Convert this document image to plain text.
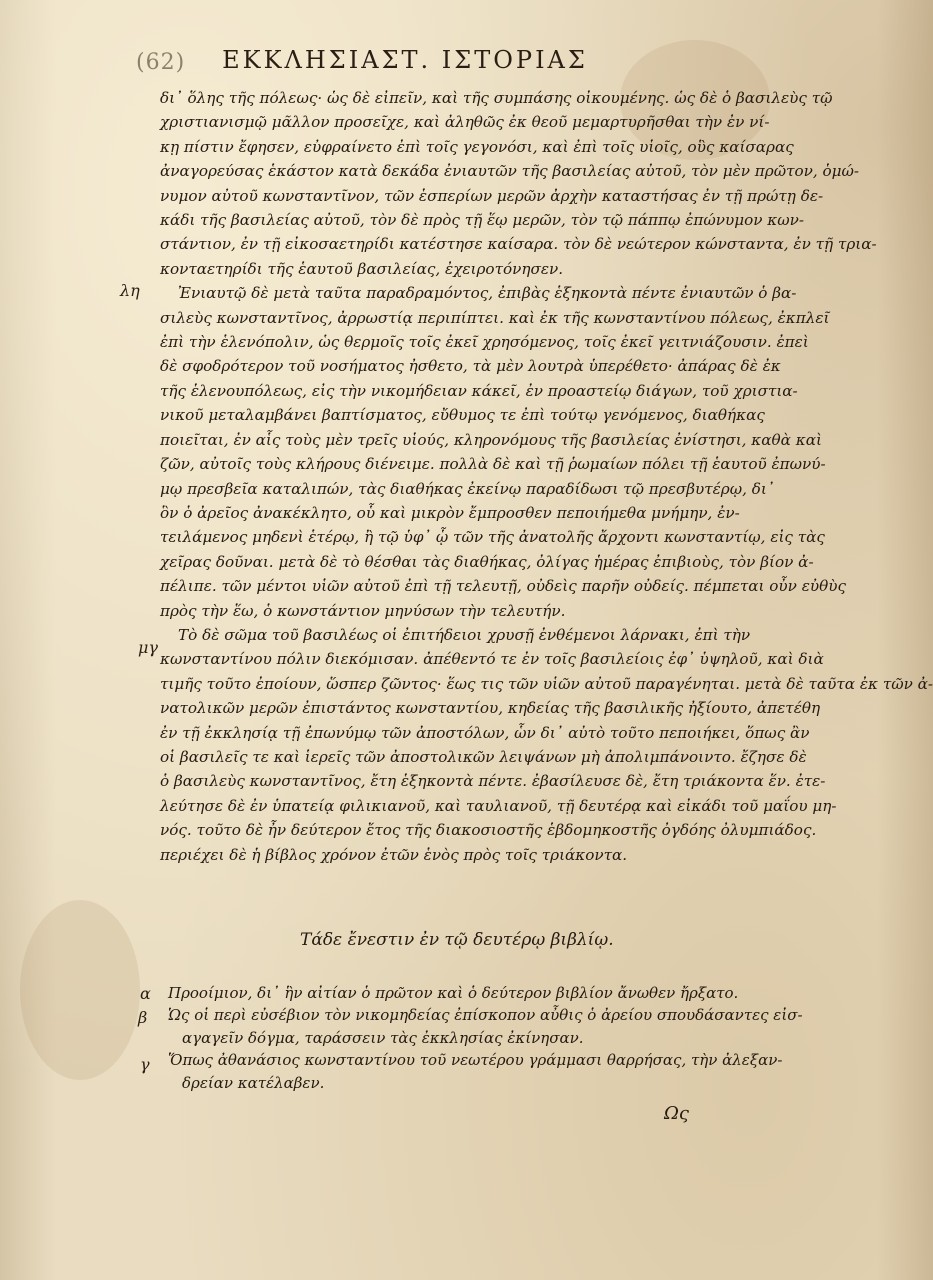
(62)	ΕΚΚΛΗΣΙΑΣΤ. ΙΣΤΟΡΙΑΣ
λη
μγ
δι᾽ ὅλης τῆς πόλεως· ὡς δὲ εἰπεῖν, καὶ τῆς συμπάσης οἰκουμένης. ὡς δὲ ὁ βασιλεὺς τῷ
χριστιανισμῷ μᾶλλον προσεῖχε, καὶ ἀληθῶς ἐκ θεοῦ μεμαρτυρῆσθαι τὴν ἐν νί-
κῃ πίστιν ἔφησεν, εὐφραίνετο ἐπὶ τοῖς γεγονόσι, καὶ ἐπὶ τοῖς υἱοῖς, οὓς καίσαρας
ἀναγορεύσας ἑκάστον κατὰ δεκάδα ἐνιαυτῶν τῆς βασιλείας αὐτοῦ, τὸν μὲν πρῶτον, ὁμώ-
νυμον αὐτοῦ κωνσταντῖνον, τῶν ἑσπερίων μερῶν ἀρχὴν καταστήσας ἐν τῇ πρώτῃ δε-
κάδι τῆς βασιλείας αὐτοῦ, τὸν δὲ πρὸς τῇ ἕῳ μερῶν, τὸν τῷ πάππῳ ἐπώνυμον κων-
στάντιον, ἐν τῇ εἰκοσαετηρίδι κατέστησε καίσαρα. τὸν δὲ νεώτερον κώνσταντα, ἐν τῇ τρια-
κονταετηρίδι τῆς ἑαυτοῦ βασιλείας, ἐχειροτόνησεν.
Ἐνιαυτῷ δὲ μετὰ ταῦτα παραδραμόντος, ἐπιβὰς ἑξηκοντὰ πέντε ἐνιαυτῶν ὁ βα-
σιλεὺς κωνσταντῖνος, ἀρρωστίᾳ περιπίπτει. καὶ ἐκ τῆς κωνσταντίνου πόλεως, ἐκπλεῖ
ἐπὶ τὴν ἑλενόπολιν, ὡς θερμοῖς τοῖς ἐκεῖ χρησόμενος, τοῖς ἐκεῖ γειτνιάζουσιν. ἐπεὶ
δὲ σφοδρότερον τοῦ νοσήματος ἠσθετο, τὰ μὲν λουτρὰ ὑπερέθετο· ἀπάρας δὲ ἐκ
τῆς ἑλενουπόλεως, εἰς τὴν νικομήδειαν κάκεῖ, ἐν προαστείῳ διάγων, τοῦ χριστια-
νικοῦ μεταλαμβάνει βαπτίσματος, εὔθυμος τε ἐπὶ τούτῳ γενόμενος, διαθήκας
ποιεῖται, ἐν αἷς τοὺς μὲν τρεῖς υἱούς, κληρονόμους τῆς βασιλείας ἐνίστησι, καθὰ καὶ
ζῶν, αὐτοῖς τοὺς κλήρους διένειμε. πολλὰ δὲ καὶ τῇ ῥωμαίων πόλει τῇ ἑαυτοῦ ἐπωνύ-
μῳ πρεσβεῖα καταλιπών, τὰς διαθήκας ἐκείνῳ παραδίδωσι τῷ πρεσβυτέρῳ, δι᾽
ὃν ὁ ἀρεῖος ἀνακέκλητο, οὗ καὶ μικρὸν ἔμπροσθεν πεποιήμεθα μνήμην, ἐν-
τειλάμενος μηδενὶ ἑτέρῳ, ἢ τῷ ὑφ᾽ ᾧ τῶν τῆς ἀνατολῆς ἄρχοντι κωνσταντίῳ, εἰς τὰς
χεῖρας δοῦναι. μετὰ δὲ τὸ θέσθαι τὰς διαθήκας, ὀλίγας ἡμέρας ἐπιβιοὺς, τὸν βίον ἀ-
πέλιπε. τῶν μέντοι υἱῶν αὐτοῦ ἐπὶ τῇ τελευτῇ, οὐδεὶς παρῆν οὐδείς. πέμπεται οὖν εὐθὺς
πρὸς τὴν ἕω, ὁ κωνστάντιον μηνύσων τὴν τελευτήν.
Τὸ δὲ σῶμα τοῦ βασιλέως οἱ ἐπιτήδειοι χρυσῇ ἐνθέμενοι λάρνακι, ἐπὶ τὴν
κωνσταντίνου πόλιν διεκόμισαν. ἀπέθεντό τε ἐν τοῖς βασιλείοις ἐφ᾽ ὑψηλοῦ, καὶ διὰ
τιμῆς τοῦτο ἐποίουν, ὥσπερ ζῶντος· ἕως τις τῶν υἱῶν αὐτοῦ παραγένηται. μετὰ δὲ ταῦτα ἐκ τῶν ἀ-
νατολικῶν μερῶν ἐπιστάντος κωνσταντίου, κηδείας τῆς βασιλικῆς ἠξίουτο, ἀπετέθη
ἐν τῇ ἐκκλησίᾳ τῇ ἐπωνύμῳ τῶν ἀποστόλων, ὧν δι᾽ αὐτὸ τοῦτο πεποιήκει, ὅπως ἂν
οἱ βασιλεῖς τε καὶ ἱερεῖς τῶν ἀποστολικῶν λειψάνων μὴ ἀπολιμπάνοιντο. ἔζησε δὲ
ὁ βασιλεὺς κωνσταντῖνος, ἔτη ἑξηκοντὰ πέντε. ἐβασίλευσε δὲ, ἔτη τριάκοντα ἕν. ἐτε-
λεύτησε δὲ ἐν ὑπατείᾳ φιλικιανοῦ, καὶ ταυλιανοῦ, τῇ δευτέρᾳ καὶ εἰκάδι τοῦ μαΐου μη-
νός. τοῦτο δὲ ἦν δεύτερον ἔτος τῆς διακοσιοστῆς ἑβδομηκοστῆς ὀγδόης ὀλυμπιάδος.
περιέχει δὲ ἡ βίβλος χρόνον ἐτῶν ἑνὸς πρὸς τοῖς τριάκοντα.
Τάδε ἔνεστιν ἐν τῷ δευτέρῳ βιβλίῳ.
α
β
γ
Προοίμιον, δι᾽ ἣν αἰτίαν ὁ πρῶτον καὶ ὁ δεύτερον βιβλίον ἄνωθεν ἤρξατο.
Ὡς οἱ περὶ εὐσέβιον τὸν νικομηδείας ἐπίσκοπον αὖθις ὁ ἀρείου σπουδάσαντες εἰσ-
αγαγεῖν δόγμα, ταράσσειν τὰς ἐκκλησίας ἐκίνησαν.
Ὅπως ἀθανάσιος κωνσταντίνου τοῦ νεωτέρου γράμμασι θαρρήσας, τὴν ἀλεξαν-
δρείαν κατέλαβεν.
Ως
